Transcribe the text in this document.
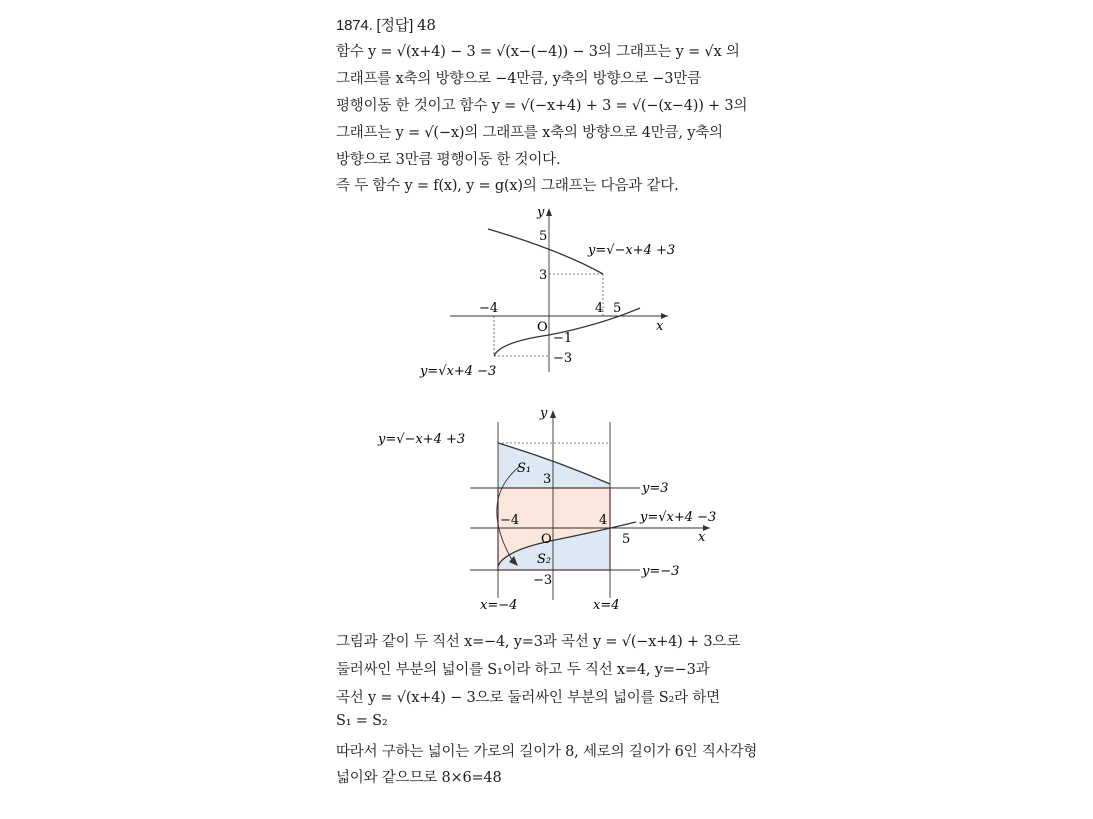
1874. [정답] 48
함수 y = √(x+4) − 3 = √(x−(−4)) − 3의 그래프는 y = √x 의
그래프를 x축의 방향으로 −4만큼, y축의 방향으로 −3만큼
평행이동 한 것이고 함수 y = √(−x+4) + 3 = √(−(x−4)) + 3의
그래프는 y = √(−x)의 그래프를 x축의 방향으로 4만큼, y축의
방향으로 3만큼 평행이동 한 것이다.
즉 두 함수 y = f(x), y = g(x)의 그래프는 다음과 같다.
y
x
O
5
3
−4	4 5
−1
−3
y=√−x+4 +3
y=√x+4 −3
y
x
O
3
−4	4
5
−3
S₁
S₂
y=√−x+4 +3
y=√x+4 −3
y=3
y=−3
x=−4	x=4
그림과 같이 두 직선 x=−4, y=3과 곡선 y = √(−x+4) + 3으로
둘러싸인 부분의 넓이를 S₁이라 하고 두 직선 x=4, y=−3과
곡선 y = √(x+4) − 3으로 둘러싸인 부분의 넓이를 S₂라 하면
S₁ = S₂
따라서 구하는 넓이는 가로의 길이가 8, 세로의 길이가 6인 직사각형
넓이와 같으므로 8×6=48
